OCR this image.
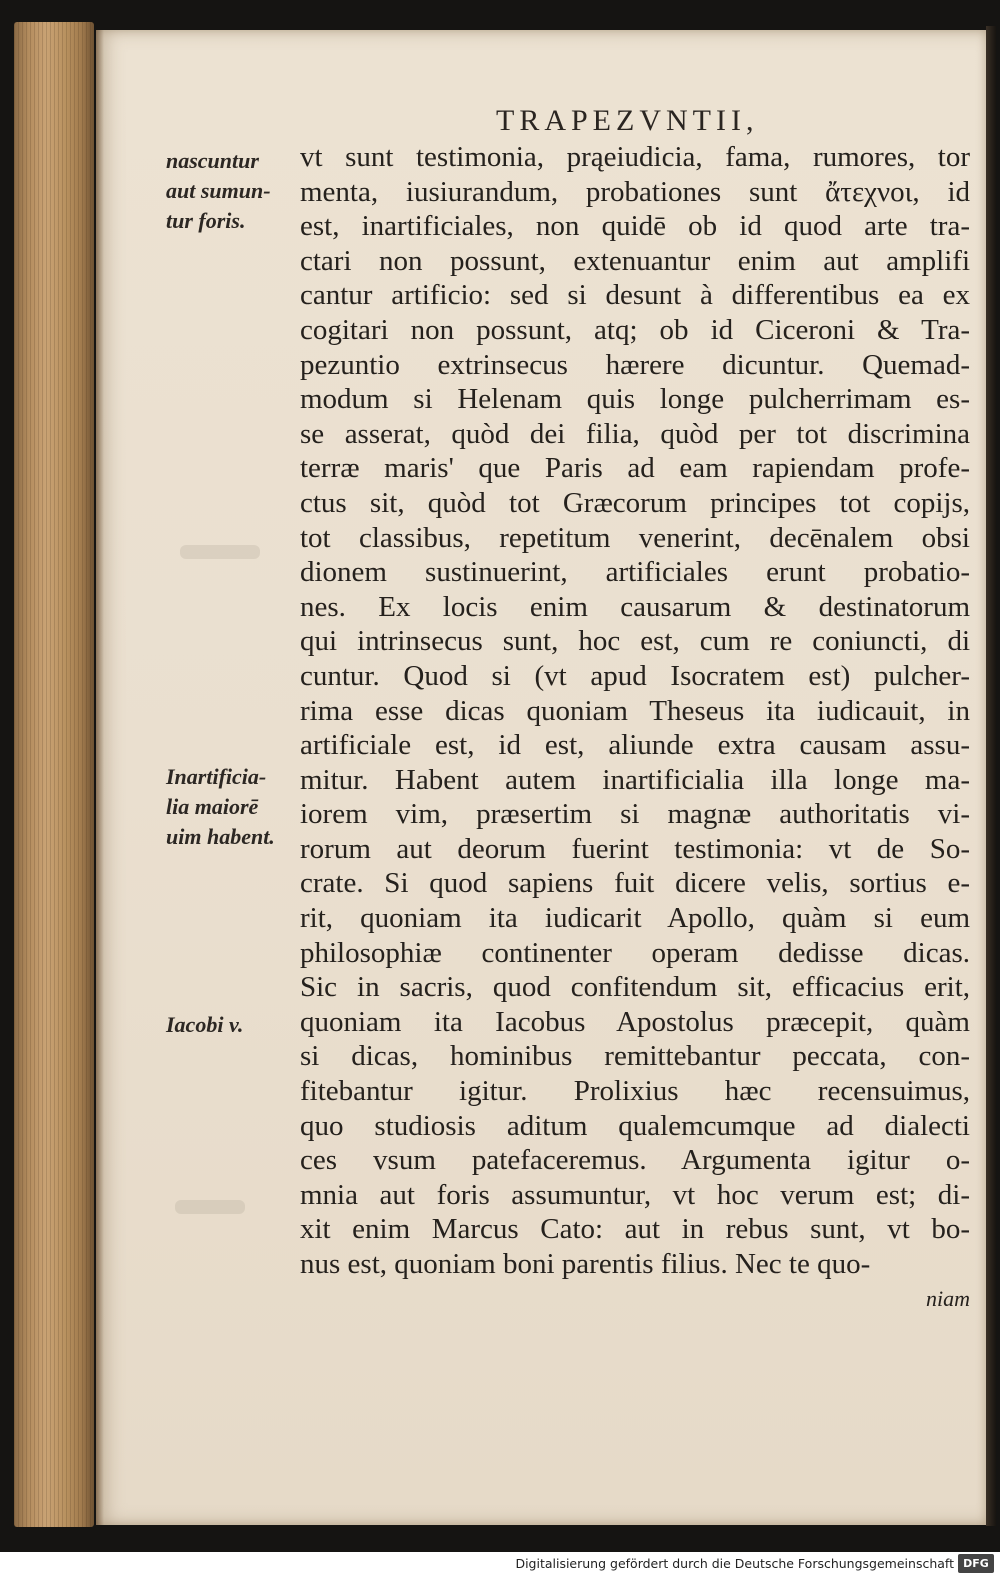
TRAPEZVNTII,
vt sunt testimonia, prąeiudicia, fama, rumores, tor
menta, iusiurandum, probationes sunt ἄτεχνοι, id
est, inartificiales, non quidē ob id quod arte tra-
ctari non possunt, extenuantur enim aut amplifi
cantur artificio: sed si desunt à differentibus ea ex
cogitari non possunt, atq; ob id Ciceroni & Tra-
pezuntio extrinsecus hærere dicuntur. Quemad-
modum si Helenam quis longe pulcherrimam es-
se asserat, quòd dei filia, quòd per tot discrimina
terræ maris' que Paris ad eam rapiendam profe-
ctus sit, quòd tot Græcorum principes tot copijs,
tot classibus, repetitum venerint, decēnalem obsi
dionem sustinuerint, artificiales erunt probatio-
nes. Ex locis enim causarum & destinatorum
qui intrinsecus sunt, hoc est, cum re coniuncti, di
cuntur. Quod si (vt apud Isocratem est) pulcher-
rima esse dicas quoniam Theseus ita iudicauit, in
artificiale est, id est, aliunde extra causam assu-
mitur. Habent autem inartificialia illa longe ma-
iorem vim, præsertim si magnæ authoritatis vi-
rorum aut deorum fuerint testimonia: vt de So-
crate. Si quod sapiens fuit dicere velis, sortius e-
rit, quoniam ita iudicarit Apollo, quàm si eum
philosophiæ continenter operam dedisse dicas.
Sic in sacris, quod confitendum sit, efficacius erit,
quoniam ita Iacobus Apostolus præcepit, quàm
si dicas, hominibus remittebantur peccata, con-
fitebantur igitur. Prolixius hæc recensuimus,
quo studiosis aditum qualemcumque ad dialecti
ces vsum patefaceremus. Argumenta igitur o-
mnia aut foris assumuntur, vt hoc verum est; di-
xit enim Marcus Cato: aut in rebus sunt, vt bo-
nus est, quoniam boni parentis filius. Nec te quo-
niam
nascuntur
aut sumun-
tur foris.
Inartificia-
lia maiorē
uim habent.
Iacobi v.
Digitalisierung gefördert durch die Deutsche Forschungsgemeinschaft DFG
